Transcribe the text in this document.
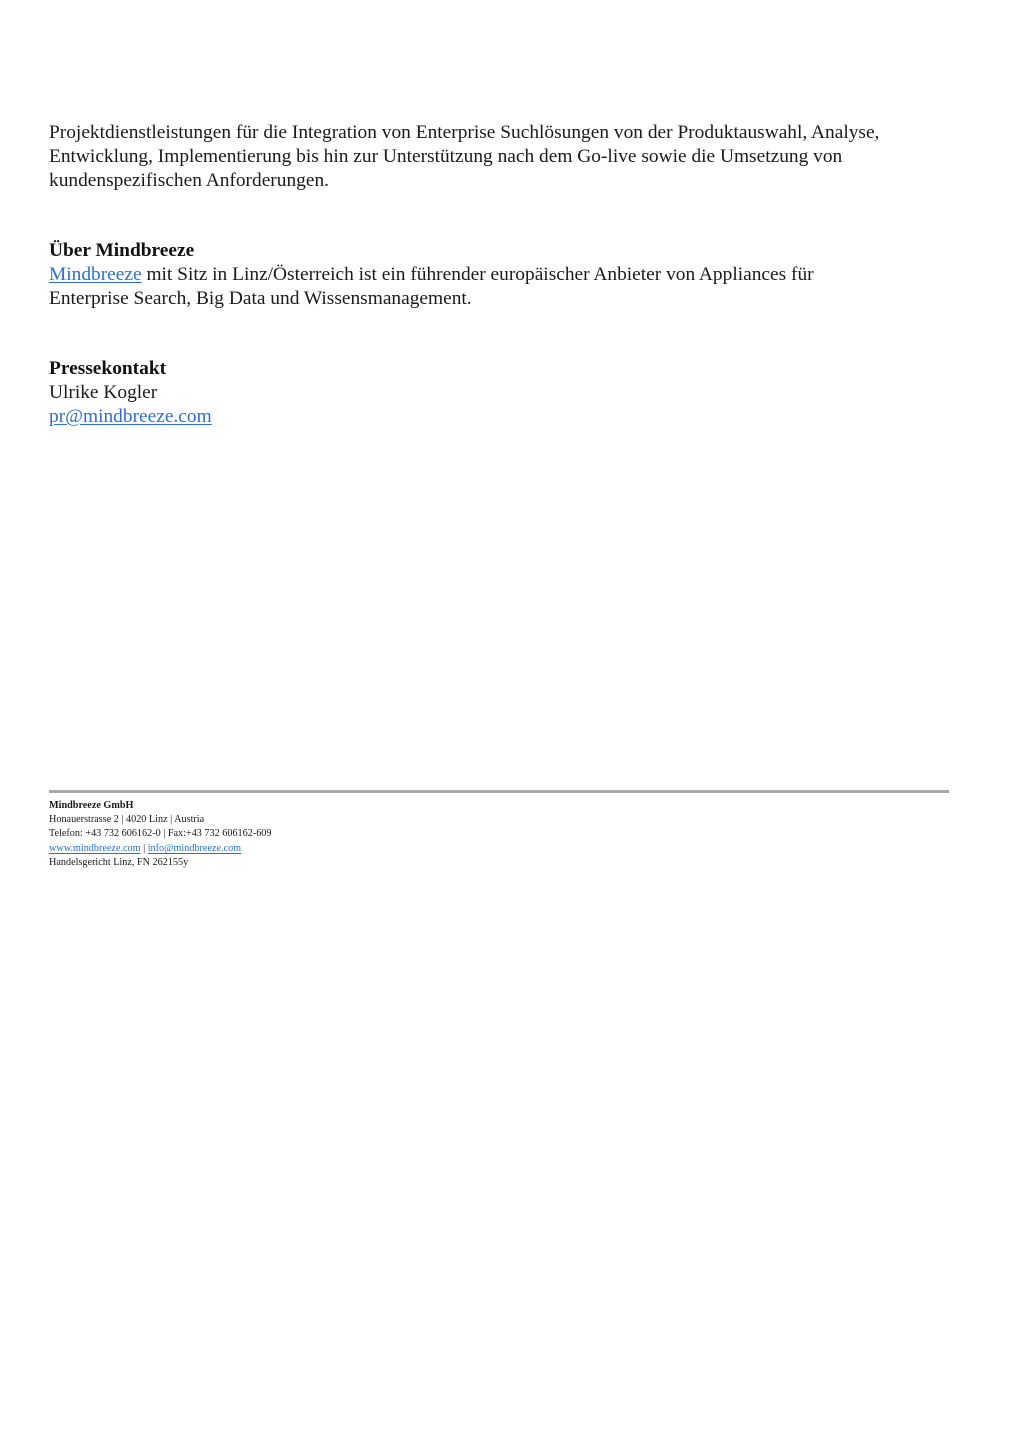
Projektdienstleistungen für die Integration von Enterprise Suchlösungen von der Produktauswahl, Analyse,
Entwicklung, Implementierung bis hin zur Unterstützung nach dem Go-live sowie die Umsetzung von
kundenspezifischen Anforderungen.

Über Mindbreeze
Mindbreeze mit Sitz in Linz/Österreich ist ein führender europäischer Anbieter von Appliances für
Enterprise Search, Big Data und Wissensmanagement.
Pressekontakt
Ulrike Kogler
pr@mindbreeze.com
Mindbreeze GmbH
Honauerstrasse 2 | 4020 Linz | Austria
Telefon: +43 732 606162-0 | Fax:+43 732 606162-609
www.mindbreeze.com | info@mindbreeze.com
Handelsgericht Linz, FN 262155y
